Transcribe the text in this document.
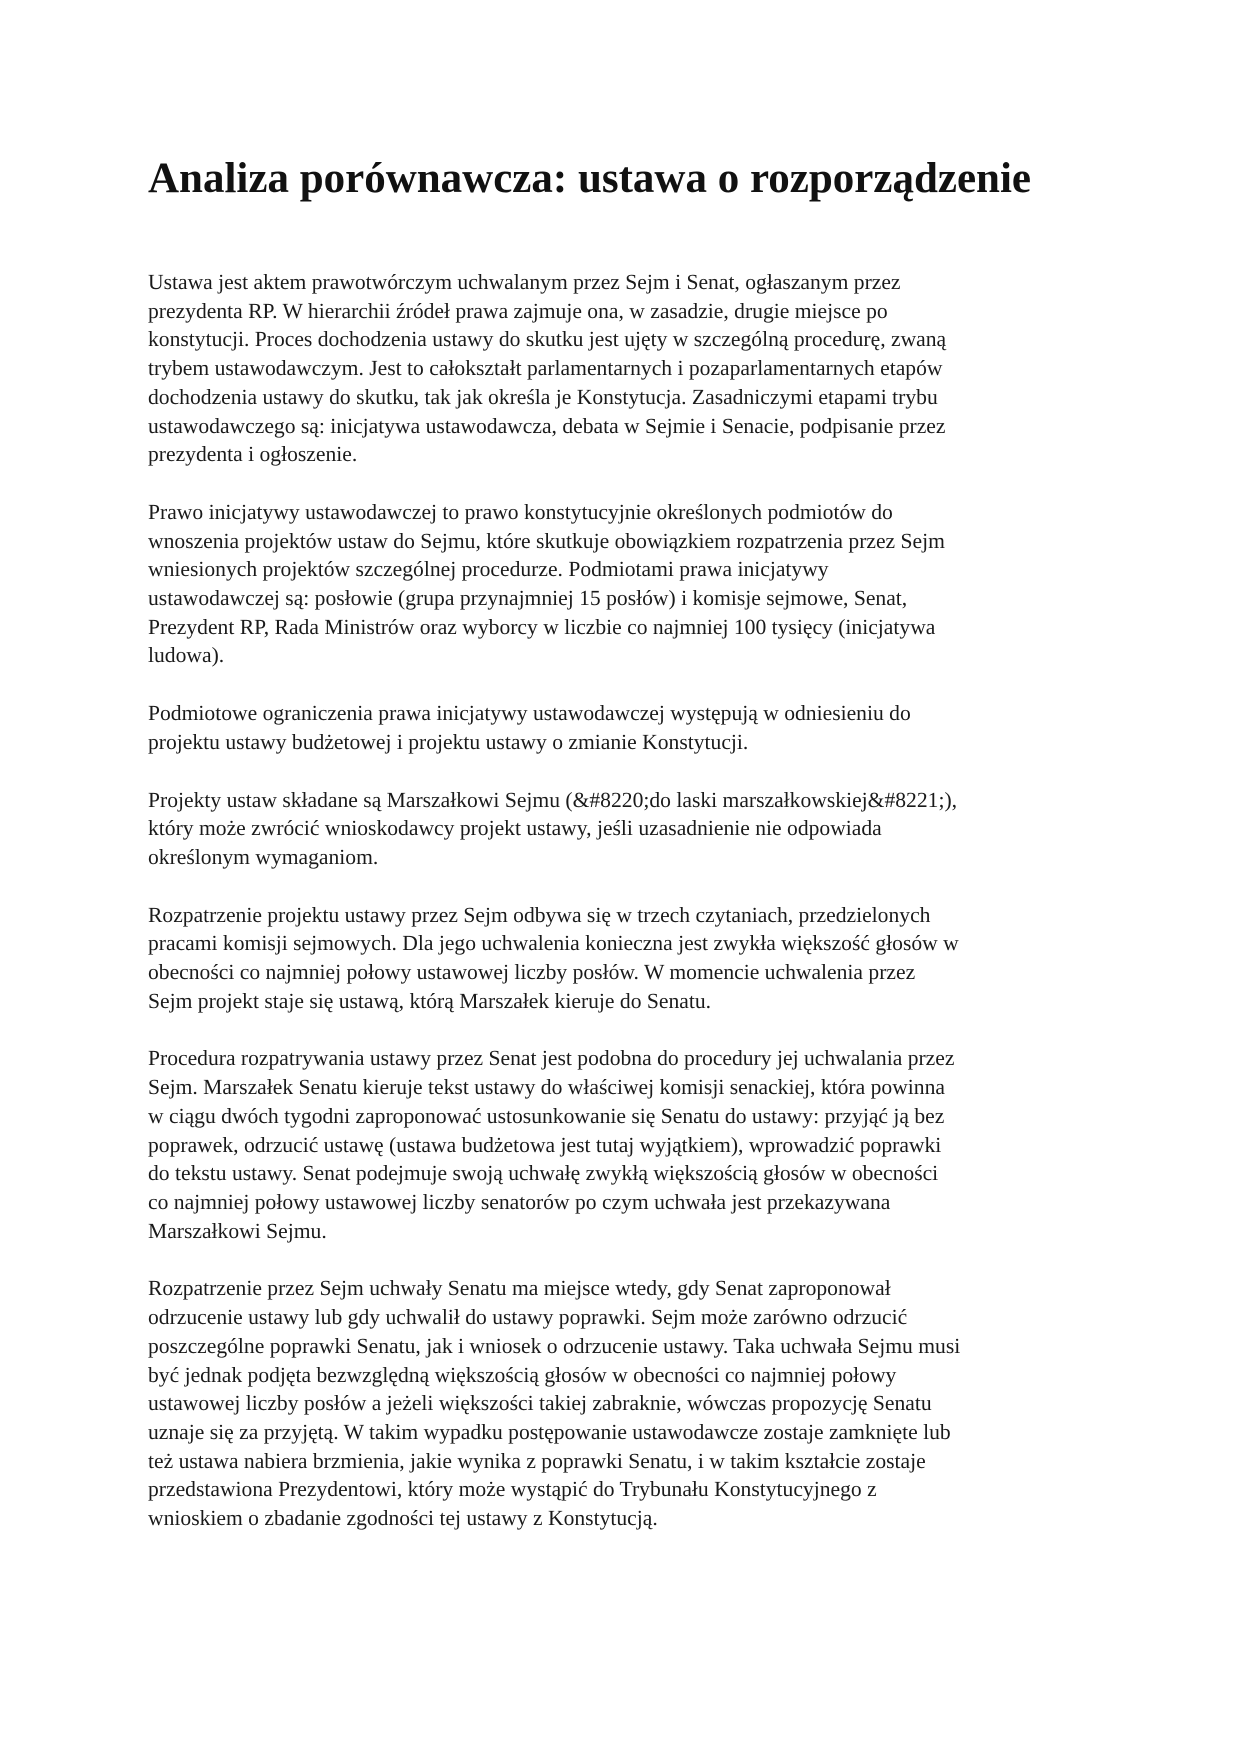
Analiza porównawcza: ustawa o rozporządzenie

Ustawa jest aktem prawotwórczym uchwalanym przez Sejm i Senat, ogłaszanym przez
prezydenta RP. W hierarchii źródeł prawa zajmuje ona, w zasadzie, drugie miejsce po
konstytucji. Proces dochodzenia ustawy do skutku jest ujęty w szczególną procedurę, zwaną
trybem ustawodawczym. Jest to całokształt parlamentarnych i pozaparlamentarnych etapów
dochodzenia ustawy do skutku, tak jak określa je Konstytucja. Zasadniczymi etapami trybu
ustawodawczego są: inicjatywa ustawodawcza, debata w Sejmie i Senacie, podpisanie przez
prezydenta i ogłoszenie.

Prawo inicjatywy ustawodawczej to prawo konstytucyjnie określonych podmiotów do
wnoszenia projektów ustaw do Sejmu, które skutkuje obowiązkiem rozpatrzenia przez Sejm
wniesionych projektów szczególnej procedurze. Podmiotami prawa inicjatywy
ustawodawczej są: posłowie (grupa przynajmniej 15 posłów) i komisje sejmowe, Senat,
Prezydent RP, Rada Ministrów oraz wyborcy w liczbie co najmniej 100 tysięcy (inicjatywa
ludowa).

Podmiotowe ograniczenia prawa inicjatywy ustawodawczej występują w odniesieniu do
projektu ustawy budżetowej i projektu ustawy o zmianie Konstytucji.

Projekty ustaw składane są Marszałkowi Sejmu (&#8220;do laski marszałkowskiej&#8221;),
który może zwrócić wnioskodawcy projekt ustawy, jeśli uzasadnienie nie odpowiada
określonym wymaganiom.

Rozpatrzenie projektu ustawy przez Sejm odbywa się w trzech czytaniach, przedzielonych
pracami komisji sejmowych. Dla jego uchwalenia konieczna jest zwykła większość głosów w
obecności co najmniej połowy ustawowej liczby posłów. W momencie uchwalenia przez
Sejm projekt staje się ustawą, którą Marszałek kieruje do Senatu.

Procedura rozpatrywania ustawy przez Senat jest podobna do procedury jej uchwalania przez
Sejm. Marszałek Senatu kieruje tekst ustawy do właściwej komisji senackiej, która powinna
w ciągu dwóch tygodni zaproponować ustosunkowanie się Senatu do ustawy: przyjąć ją bez
poprawek, odrzucić ustawę (ustawa budżetowa jest tutaj wyjątkiem), wprowadzić poprawki
do tekstu ustawy. Senat podejmuje swoją uchwałę zwykłą większością głosów w obecności
co najmniej połowy ustawowej liczby senatorów po czym uchwała jest przekazywana
Marszałkowi Sejmu.

Rozpatrzenie przez Sejm uchwały Senatu ma miejsce wtedy, gdy Senat zaproponował
odrzucenie ustawy lub gdy uchwalił do ustawy poprawki. Sejm może zarówno odrzucić
poszczególne poprawki Senatu, jak i wniosek o odrzucenie ustawy. Taka uchwała Sejmu musi
być jednak podjęta bezwzględną większością głosów w obecności co najmniej połowy
ustawowej liczby posłów a jeżeli większości takiej zabraknie, wówczas propozycję Senatu
uznaje się za przyjętą. W takim wypadku postępowanie ustawodawcze zostaje zamknięte lub
też ustawa nabiera brzmienia, jakie wynika z poprawki Senatu, i w takim kształcie zostaje
przedstawiona Prezydentowi, który może wystąpić do Trybunału Konstytucyjnego z
wnioskiem o zbadanie zgodności tej ustawy z Konstytucją.
